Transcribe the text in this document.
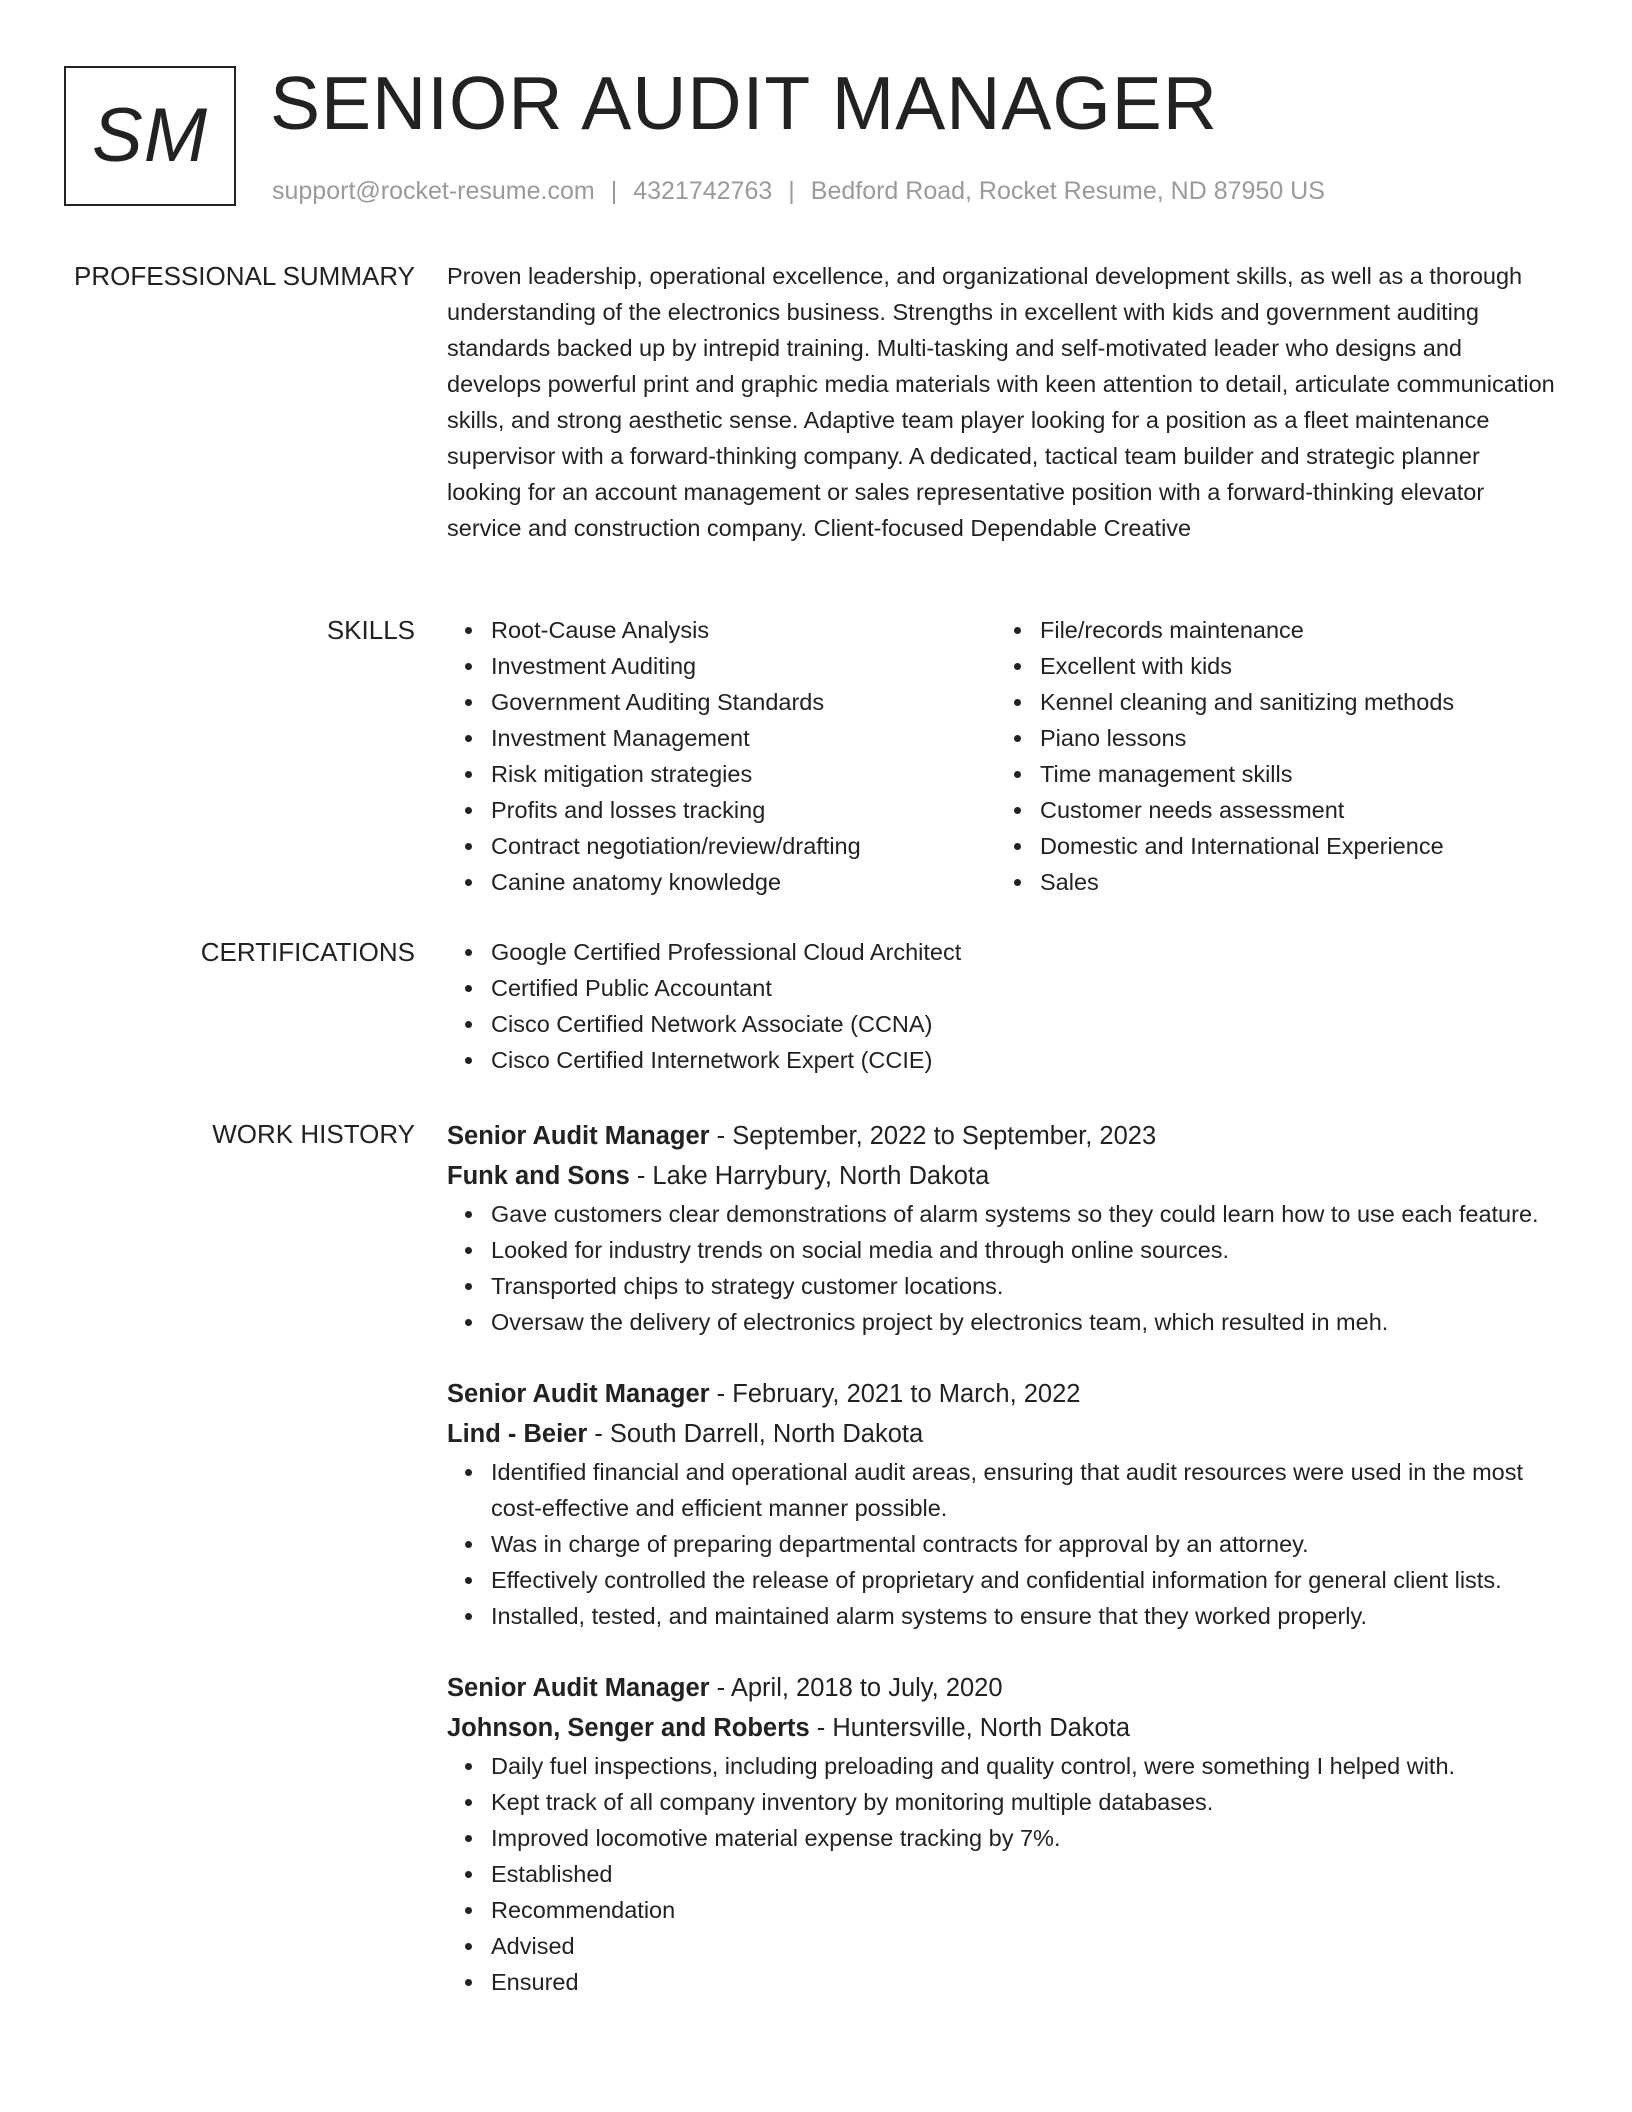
SM SENIOR AUDIT MANAGER
support@rocket-resume.com | 4321742763 | Bedford Road, Rocket Resume, ND 87950 US
PROFESSIONAL SUMMARY Proven leadership, operational excellence, and organizational development skills, as well as a thorough understanding of the electronics business. Strengths in excellent with kids and government auditing standards backed up by intrepid training. Multi-tasking and self-motivated leader who designs and develops powerful print and graphic media materials with keen attention to detail, articulate communication skills, and strong aesthetic sense. Adaptive team player looking for a position as a fleet maintenance supervisor with a forward-thinking company. A dedicated, tactical team builder and strategic planner looking for an account management or sales representative position with a forward-thinking elevator service and construction company. Client-focused Dependable Creative

SKILLS	Root-Cause Analysis
Investment Auditing
Government Auditing Standards
Investment Management
Risk mitigation strategies
Profits and losses tracking
Contract negotiation/review/drafting
Canine anatomy knowledge
File/records maintenance
Excellent with kids
Kennel cleaning and sanitizing methods
Piano lessons
Time management skills
Customer needs assessment
Domestic and International Experience
Sales
CERTIFICATIONS	Google Certified Professional Cloud Architect
Certified Public Accountant
Cisco Certified Network Associate (CCNA)
Cisco Certified Internetwork Expert (CCIE)
WORK HISTORY Senior Audit Manager - September, 2022 to September, 2023
Funk and Sons - Lake Harrybury, North Dakota
Gave customers clear demonstrations of alarm systems so they could learn how to use each feature.
Looked for industry trends on social media and through online sources.
Transported chips to strategy customer locations.
Oversaw the delivery of electronics project by electronics team, which resulted in meh.
Senior Audit Manager - February, 2021 to March, 2022
Lind - Beier - South Darrell, North Dakota
Identified financial and operational audit areas, ensuring that audit resources were used in the most cost-effective and efficient manner possible.
Was in charge of preparing departmental contracts for approval by an attorney.
Effectively controlled the release of proprietary and confidential information for general client lists.
Installed, tested, and maintained alarm systems to ensure that they worked properly.
Senior Audit Manager - April, 2018 to July, 2020
Johnson, Senger and Roberts - Huntersville, North Dakota
Daily fuel inspections, including preloading and quality control, were something I helped with.
Kept track of all company inventory by monitoring multiple databases.
Improved locomotive material expense tracking by 7%.
Established
Recommendation
Advised
Ensured
